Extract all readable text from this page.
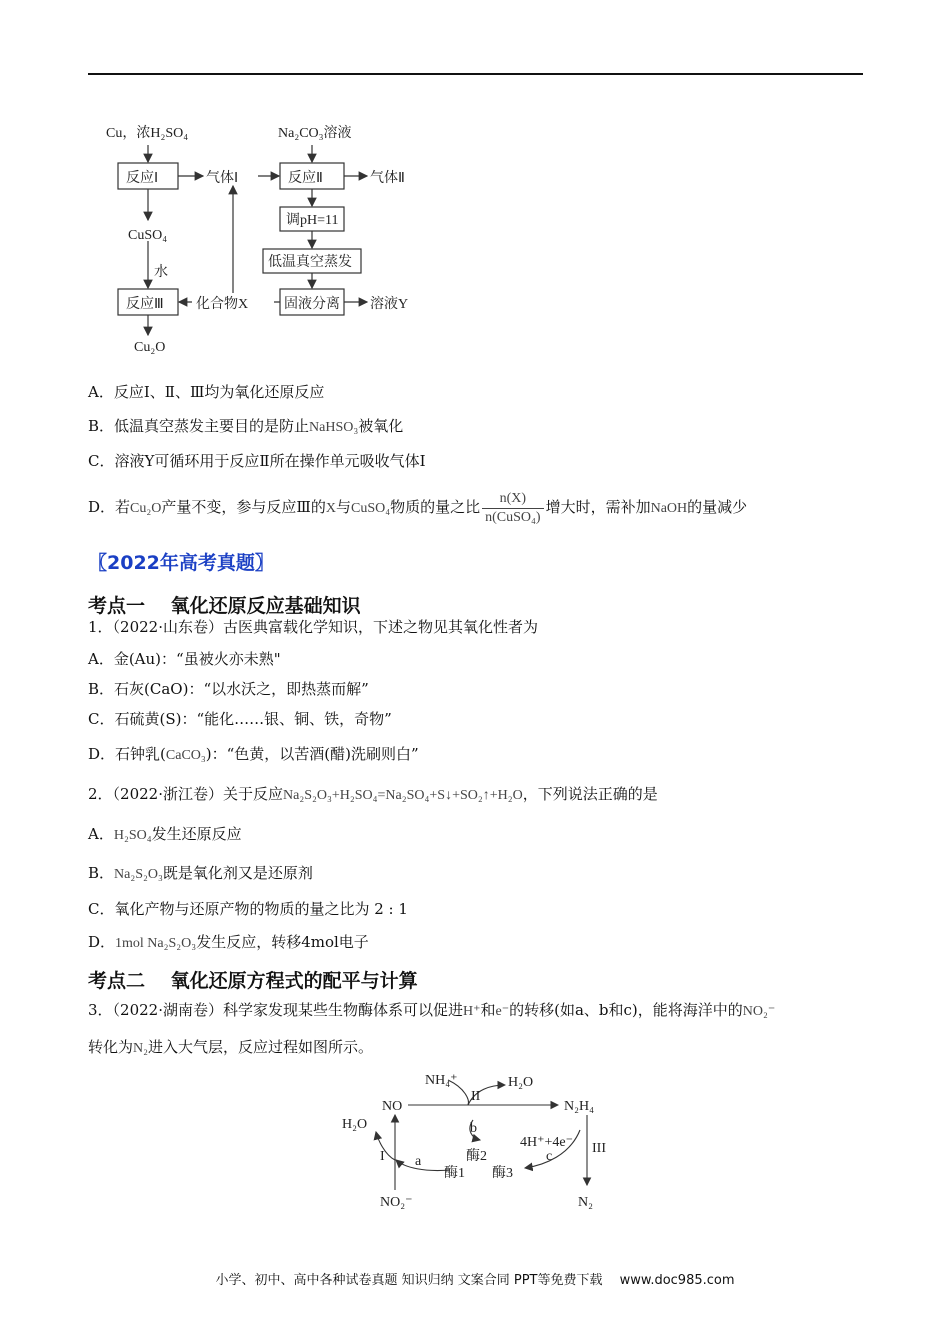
Cu，浓H₂SO₄	Na₂CO₃溶液
反应Ⅰ	气体Ⅰ	反应Ⅱ	气体Ⅱ
调pH=11
低温真空蒸发
CuSO₄
水
反应Ⅲ 化合物X	固液分离 溶液Y
Cu₂O
A．反应Ⅰ、Ⅱ、Ⅲ均为氧化还原反应
B．低温真空蒸发主要目的是防止NaHSO₃被氧化
C．溶液Y可循环用于反应Ⅱ所在操作单元吸收气体Ⅰ
D．若Cu₂O产量不变，参与反应Ⅲ的X与CuSO₄物质的量之比 $\frac{n(X)}{\text{n(CuSO₄)}}$ 增大时，需补加NaOH的量减少
〖2022年高考真题〗
考点一　 氧化还原反应基础知识
1．（2022·山东卷）古医典富载化学知识，下述之物见其氧化性者为
A．金(Au)：“虽被火亦未熟"
B．石灰(CaO)：“以水沃之，即热蒸而解”
C．石硫黄(S)：“能化……银、铜、铁，奇物”
D．石钟乳(CaCO₃)：“色黄，以苦酒(醋)洗刷则白”
2．（2022·浙江卷）关于反应Na₂S₂O₃+H₂SO₄=Na₂SO₄+S↓+SO₂↑+H₂O，下列说法正确的是
A．H₂SO₄发生还原反应
B．Na₂S₂O₃既是氧化剂又是还原剂
C．氧化产物与还原产物的物质的量之比为 2 : 1
D．1mol Na₂S₂O₃发生反应，转移4mol电子
考点二　 氧化还原方程式的配平与计算
3．（2022·湖南卷）科学家发现某些生物酶体系可以促进H⁺和e⁻的转移(如a、b和c)，能将海洋中的NO₂⁻
转化为N₂进入大气层，反应过程如图所示。
NH₄⁺	H₂O
II
NO	N₂H₄
H₂O	b
酶2
4H⁺+4e⁻
c
III
I a
酶1 酶3
NO₂⁻	N₂
小学、初中、高中各种试卷真题 知识归纳 文案合同 PPT等免费下载　 www.doc985.com
